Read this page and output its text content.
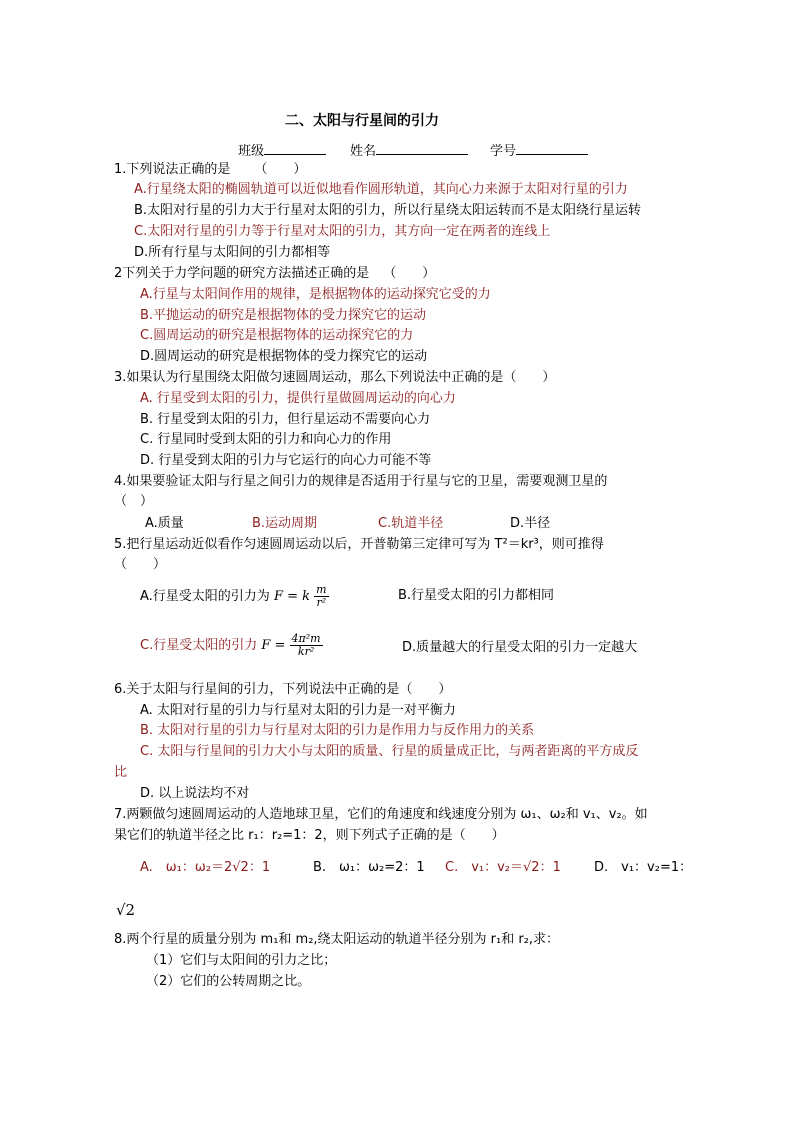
二、太阳与行星间的引力
班级	姓名	学号
1.下列说法正确的是 （　　）
A.行星绕太阳的椭圆轨道可以近似地看作圆形轨道，其向心力来源于太阳对行星的引力
B.太阳对行星的引力大于行星对太阳的引力，所以行星绕太阳运转而不是太阳绕行星运转
C.太阳对行星的引力等于行星对太阳的引力，其方向一定在两者的连线上
D.所有行星与太阳间的引力都相等
2下列关于力学问题的研究方法描述正确的是 （　　）
A.行星与太阳间作用的规律，是根据物体的运动探究它受的力
B.平抛运动的研究是根据物体的受力探究它的运动
C.圆周运动的研究是根据物体的运动探究它的力
D.圆周运动的研究是根据物体的受力探究它的运动
3.如果认为行星围绕太阳做匀速圆周运动，那么下列说法中正确的是（　　）
A. 行星受到太阳的引力，提供行星做圆周运动的向心力
B. 行星受到太阳的引力，但行星运动不需要向心力
C. 行星同时受到太阳的引力和向心力的作用
D. 行星受到太阳的引力与它运行的向心力可能不等
4.如果要验证太阳与行星之间引力的规律是否适用于行星与它的卫星，需要观测卫星的
（　）
A.质量	B.运动周期	C.轨道半径	D.半径
5.把行星运动近似看作匀速圆周运动以后，开普勒第三定律可写为 T²＝kr³，则可推得
（　　）
A.行星受太阳的引力为 F = k $\frac{m}{\text{r²}}$	B.行星受太阳的引力都相同
C.行星受太阳的引力 $F = \frac{\text{4π²m}}{\text{kr²}}$	D.质量越大的行星受太阳的引力一定越大
6.关于太阳与行星间的引力，下列说法中正确的是（　　）
A. 太阳对行星的引力与行星对太阳的引力是一对平衡力
B. 太阳对行星的引力与行星对太阳的引力是作用力与反作用力的关系
C. 太阳与行星间的引力大小与太阳的质量、行星的质量成正比，与两者距离的平方成反
比
D. 以上说法均不对
7.两颗做匀速圆周运动的人造地球卫星，它们的角速度和线速度分别为 ω₁、ω₂和 v₁、v₂。如
果它们的轨道半径之比 r₁：r₂=1：2，则下列式子正确的是（　　）
A.　ω₁：ω₂＝2√2：1	B.　ω₁：ω₂=2：1 C.　v₁：v₂＝√2：1	D.　v₁：v₂=1：
√2
8.两个行星的质量分别为 m₁和 m₂,绕太阳运动的轨道半径分别为 r₁和 r₂,求：
（1）它们与太阳间的引力之比；
（2）它们的公转周期之比。
